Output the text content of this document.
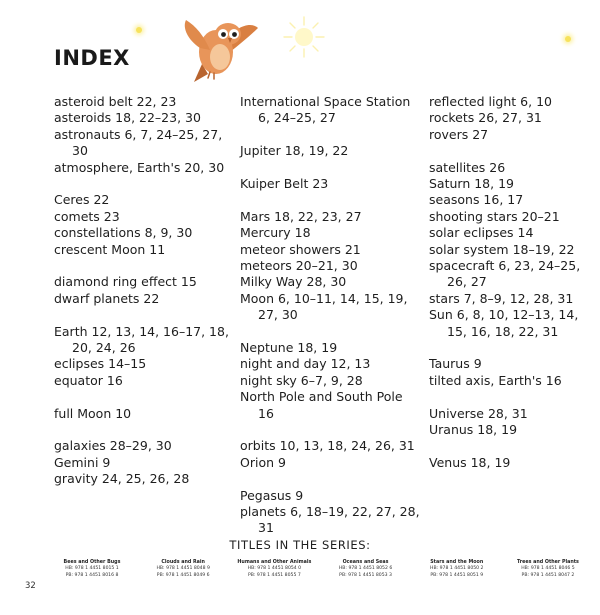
INDEX
asteroid belt 22, 23
asteroids 18, 22–23, 30
astronauts 6, 7, 24–25, 27, 30
atmosphere, Earth's 20, 30
Ceres 22
comets 23
constellations 8, 9, 30
crescent Moon 11
diamond ring effect 15
dwarf planets 22
Earth 12, 13, 14, 16–17, 18, 20, 24, 26
eclipses 14–15
equator 16
full Moon 10
galaxies 28–29, 30
Gemini 9
gravity 24, 25, 26, 28
International Space Station 6, 24–25, 27
Jupiter 18, 19, 22
Kuiper Belt 23
Mars 18, 22, 23, 27
Mercury 18
meteor showers 21
meteors 20–21, 30
Milky Way 28, 30
Moon 6, 10–11, 14, 15, 19, 27, 30
Neptune 18, 19
night and day 12, 13
night sky 6–7, 9, 28
North Pole and South Pole 16
orbits 10, 13, 18, 24, 26, 31
Orion 9
Pegasus 9
planets 6, 18–19, 22, 27, 28, 31
reflected light 6, 10
rockets 26, 27, 31
rovers 27
satellites 26
Saturn 18, 19
seasons 16, 17
shooting stars 20–21
solar eclipses 14
solar system 18–19, 22
spacecraft 6, 23, 24–25, 26, 27
stars 7, 8–9, 12, 28, 31
Sun 6, 8, 10, 12–13, 14, 15, 16, 18, 22, 31
Taurus 9
tilted axis, Earth's 16
Universe 28, 31
Uranus 18, 19
Venus 18, 19
TITLES IN THE SERIES:
Bees and Other Bugs
HB: 978 1 4451 8015 1
PB: 978 1 4451 8016 8
Clouds and Rain
HB: 978 1 4451 8048 9
PB: 978 1 4451 8049 6
Humans and Other Animals
HB: 978 1 4451 8054 0
PB: 978 1 4451 8055 7
Oceans and Seas
HB: 978 1 4451 8052 6
PB: 978 1 4451 8053 3
Stars and the Moon
HB: 978 1 4451 8050 2
PB: 978 1 4451 8051 9
Trees and Other Plants
HB: 978 1 4451 8046 5
PB: 978 1 4451 8047 2
32
